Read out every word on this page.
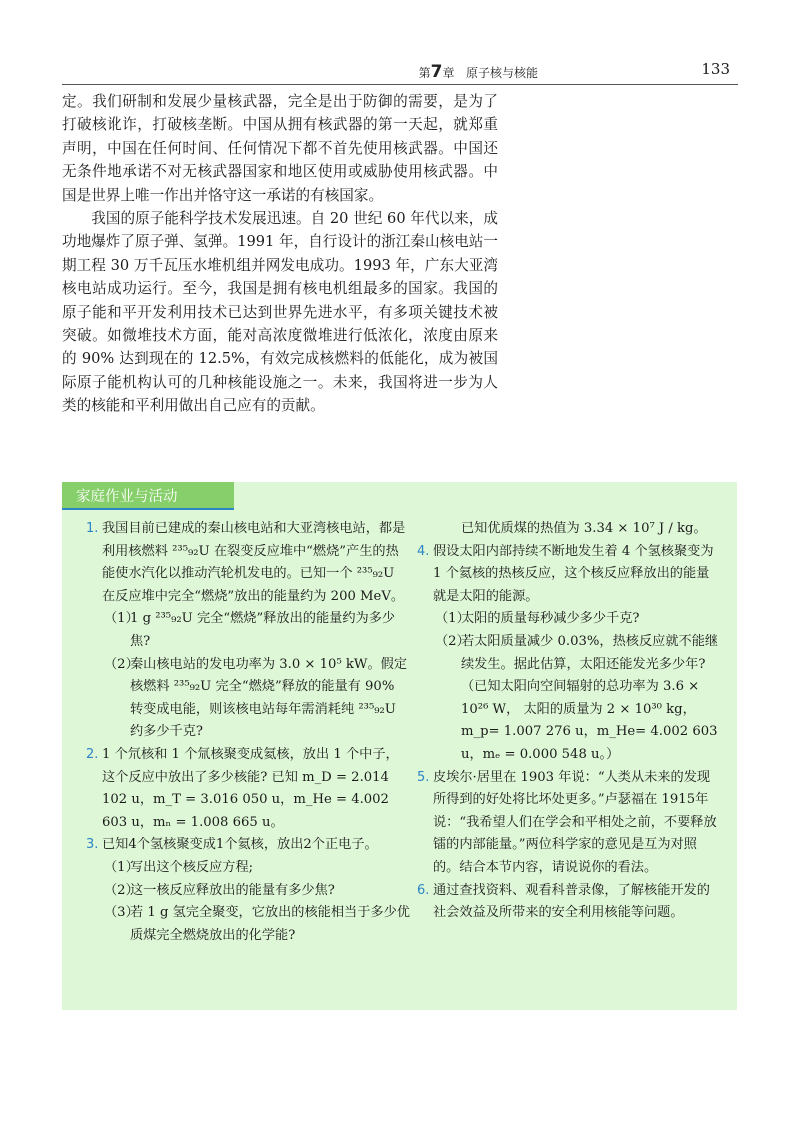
第7章 原子核与核能	133

定。我们研制和发展少量核武器，完全是出于防御的需要，是为了打破核讹诈，打破核垄断。中国从拥有核武器的第一天起，就郑重声明，中国在任何时间、任何情况下都不首先使用核武器。中国还无条件地承诺不对无核武器国家和地区使用或威胁使用核武器。中国是世界上唯一作出并恪守这一承诺的有核国家。

我国的原子能科学技术发展迅速。自 20 世纪 60 年代以来，成功地爆炸了原子弹、氢弹。1991 年，自行设计的浙江秦山核电站一期工程 30 万千瓦压水堆机组并网发电成功。1993 年，广东大亚湾核电站成功运行。至今，我国是拥有核电机组最多的国家。我国的原子能和平开发利用技术已达到世界先进水平，有多项关键技术被突破。如微堆技术方面，能对高浓度微堆进行低浓化，浓度由原来的 90% 达到现在的 12.5%，有效完成核燃料的低能化，成为被国际原子能机构认可的几种核能设施之一。未来，我国将进一步为人类的核能和平利用做出自己应有的贡献。

家庭作业与活动
1. 我国目前已建成的秦山核电站和大亚湾核电站，都是利用核燃料 ²³⁵₉₂U 在裂变反应堆中“燃烧”产生的热能使水汽化以推动汽轮机发电的。已知一个 ²³⁵₉₂U 在反应堆中完全“燃烧”放出的能量约为 200 MeV。
（1）
1 g ²³⁵₉₂U 完全“燃烧”释放出的能量约为多少焦?
（2）
秦山核电站的发电功率为 3.0 × 10⁵ kW。假定核燃料 ²³⁵₉₂U 完全“燃烧”释放的能量有 90% 转变成电能，则该核电站每年需消耗纯 ²³⁵₉₂U 约多少千克?
2. 1 个氘核和 1 个氚核聚变成氦核，放出 1 个中子，这个反应中放出了多少核能? 已知 m_D = 2.014 102 u，m_T = 3.016 050 u，m_He = 4.002 603 u，mₙ = 1.008 665 u。
3. 已知4个氢核聚变成1个氦核，放出2个正电子。
（1）
写出这个核反应方程;
（2）
这一核反应释放出的能量有多少焦?
（3）
若 1 g 氢完全聚变，它放出的核能相当于多少优质煤完全燃烧放出的化学能?
已知优质煤的热值为 3.34 × 10⁷ J / kg。
4. 假设太阳内部持续不断地发生着 4 个氢核聚变为 1 个氦核的热核反应，这个核反应释放出的能量就是太阳的能源。
（1）
太阳的质量每秒减少多少千克?
（2）
若太阳质量减少 0.03%，热核反应就不能继续发生。据此估算，太阳还能发光多少年? （已知太阳向空间辐射的总功率为 3.6 × 10²⁶ W， 太阳的质量为 2 × 10³⁰ kg，m_p= 1.007 276 u，m_He= 4.002 603 u，mₑ = 0.000 548 u。）
5. 皮埃尔·居里在 1903 年说：“人类从未来的发现所得到的好处将比坏处更多。”卢瑟福在 1915年说：“我希望人们在学会和平相处之前，不要释放镭的内部能量。”两位科学家的意见是互为对照的。结合本节内容，请说说你的看法。
6. 通过查找资料、观看科普录像，了解核能开发的社会效益及所带来的安全利用核能等问题。
